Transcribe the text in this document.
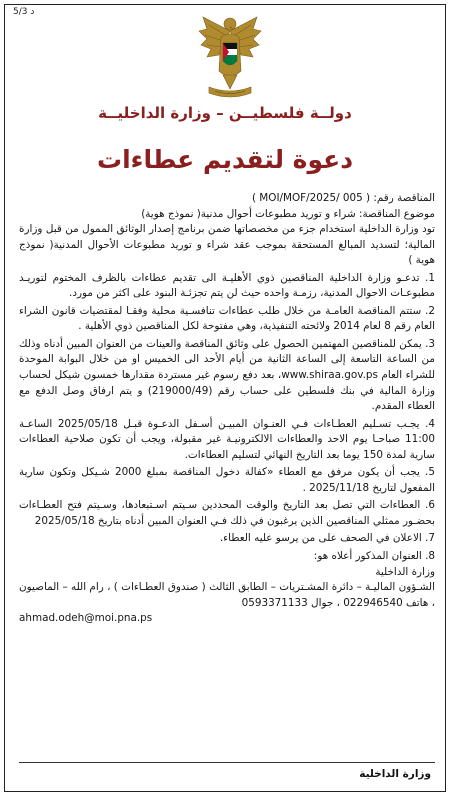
5/3 د
دولــة فلسطيــن – وزارة الداخليــة
دعوة لتقديم عطاءات

المناقصة رقم: ( MOI/MOF/2025/ 005 )

موضوع المناقصة: شراء و توريد مطبوعات أحوال مدنية( نموذج هوية)

تود وزارة الداخلية استخدام جزء من مخصصاتها ضمن برنامج إصدار الوثائق الممول من قبل وزارة المالية؛ لتسديد المبالغ المستحقة بموجب عقد شراء و توريد مطبوعات الأحوال المدنية( نموذج هوية )

1. تدعـو وزارة الداخلية المناقصين ذوي الأهليـة الى تقديم عطاءات بالظرف المختوم لتوريـد مطبوعـات الاحوال المدنية، رزمـة واحده حيث لن يتم تجزئـة البنود على اكثر من مورد.

2. ستتم المناقصة العامـة من خلال طلب عطاءات تنافسـية محلية وفقـا لمقتضيات قانون الشراء العام رقم 8 لعام 2014 ولائحته التنفيذية، وهي مفتوحة لكل المناقصين ذوي الأهلية .

3. يمكن للمناقصين المهتمين الحصول على وثائق المناقصة والعينات من العنوان المبين أدناه وذلك من الساعة التاسعة إلى الساعة الثانية من أيام الأحد الى الخميس او من خلال البوابة الموحدة للشراء العام www.shiraa.gov.ps، بعد دفع رسوم غير مستردة مقدارها خمسون شيكل لحساب وزارة المالية في بنك فلسطين على حساب رقم (219000/49) و يتم ارفاق وصل الدفع مع العطاء المقدم.

4. يجـب تسـليم العطـاءات فـي العنـوان المبيـن أسـفل الدعـوة قبـل 2025/05/18 الساعـة 11:00 صباحـا يوم الاحد والعطاءات الالكترونيـة غير مقبولة، ويجب أن تكون صلاحية العطاءات سارية لمدة 150 يوما بعد التاريخ النهائي لتسليم العطاءات.

5. يجب أن يكون مرفق مع العطاء «كفالة دخول المناقصة بمبلغ 2000 شـيكل وتكون سارية المفعول لتاريخ 2025/11/18 .

6. العطاءات التي تصل بعد التاريخ والوقت المحددين سـيتم اسـتبعادها، وسـيتم فتح العطـاءات بحضـور ممثلي المناقصين الذين يرغبون في ذلك فـي العنوان المبين أدناه بتاريخ 2025/05/18

7. الاعلان في الصحف على من يرسو عليه العطاء.

8. العنوان المذكور أعلاه هو:

وزارة الداخلية

الشـؤون الماليـة – دائرة المشـتريات – الطابق الثالث ( صندوق العطـاءات ) ، رام الله – الماصيون ، هاتف 022946540 ، جوال 0593371133

ahmad.odeh@moi.pna.ps

وزارة الداخلية
